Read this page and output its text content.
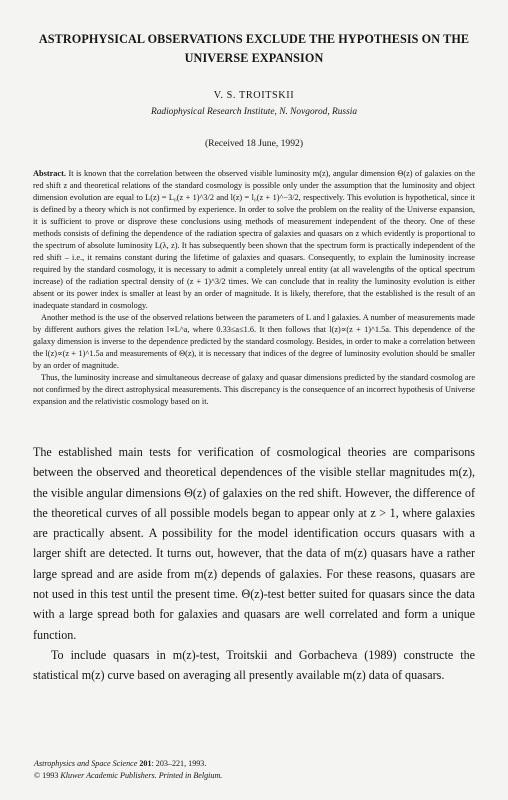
ASTROPHYSICAL OBSERVATIONS EXCLUDE THE HYPOTHESIS ON THE UNIVERSE EXPANSION
V. S. TROITSKII
Radiophysical Research Institute, N. Novgorod, Russia
(Received 18 June, 1992)

Abstract. It is known that the correlation between the observed visible luminosity m(z), angular dimension Θ(z) of galaxies on the red shift z and theoretical relations of the standard cosmology is possible only under the assumption that the luminosity and object dimension evolution are equal to L(z) = L₀(z + 1)^3/2 and l(z) = l₀(z + 1)^−3/2, respectively. This evolution is hypothetical, since it is defined by a theory which is not confirmed by experience. In order to solve the problem on the reality of the Universe expansion, it is sufficient to prove or disprove these conclusions using methods of measurement independent of the theory. One of these methods consists of defining the dependence of the radiation spectra of galaxies and quasars on z which evidently is proportional to the spectrum of absolute luminosity L(λ, z). It has subsequently been shown that the spectrum form is practically independent of the red shift – i.e., it remains constant during the lifetime of galaxies and quasars. Consequently, to explain the luminosity increase required by the standard cosmology, it is necessary to admit a completely unreal entity (at all wavelengths of the optical spectrum increase) of the radiation spectral density of (z + 1)^3/2 times. We can conclude that in reality the luminosity evolution is either absent or its power index is smaller at least by an order of magnitude. It is likely, therefore, that the established is the result of an inadequate standard in cosmology.

Another method is the use of the observed relations between the parameters of L and l galaxies. A number of measurements made by different authors gives the relation l∝L^a, where 0.33≤a≤1.6. It then follows that l(z)∝(z + 1)^1.5a. This dependence of the galaxy dimension is inverse to the dependence predicted by the standard cosmology. Besides, in order to make a correlation between the l(z)∝(z + 1)^1.5a and measurements of Θ(z), it is necessary that indices of the degree of luminosity evolution should be smaller by an order of magnitude.

Thus, the luminosity increase and simultaneous decrease of galaxy and quasar dimensions predicted by the standard cosmolog are not confirmed by the direct astrophysical measurements. This discrepancy is the consequence of an incorrect hypothesis of Universe expansion and the relativistic cosmology based on it.

The established main tests for verification of cosmological theories are comparisons between the observed and theoretical dependences of the visible stellar magnitudes m(z), the visible angular dimensions Θ(z) of galaxies on the red shift. However, the difference of the theoretical curves of all possible models began to appear only at z > 1, where galaxies are practically absent. A possibility for the model identification occurs quasars with a larger shift are detected. It turns out, however, that the data of m(z) quasars have a rather large spread and are aside from m(z) depends of galaxies. For these reasons, quasars are not used in this test until the present time. Θ(z)-test better suited for quasars since the data with a large spread both for galaxies and quasars are well correlated and form a unique function.

To include quasars in m(z)-test, Troitskii and Gorbacheva (1989) constructe the statistical m(z) curve based on averaging all presently available m(z) data of quasars.

Astrophysics and Space Science 201: 203–221, 1993.
© 1993 Kluwer Academic Publishers. Printed in Belgium.
